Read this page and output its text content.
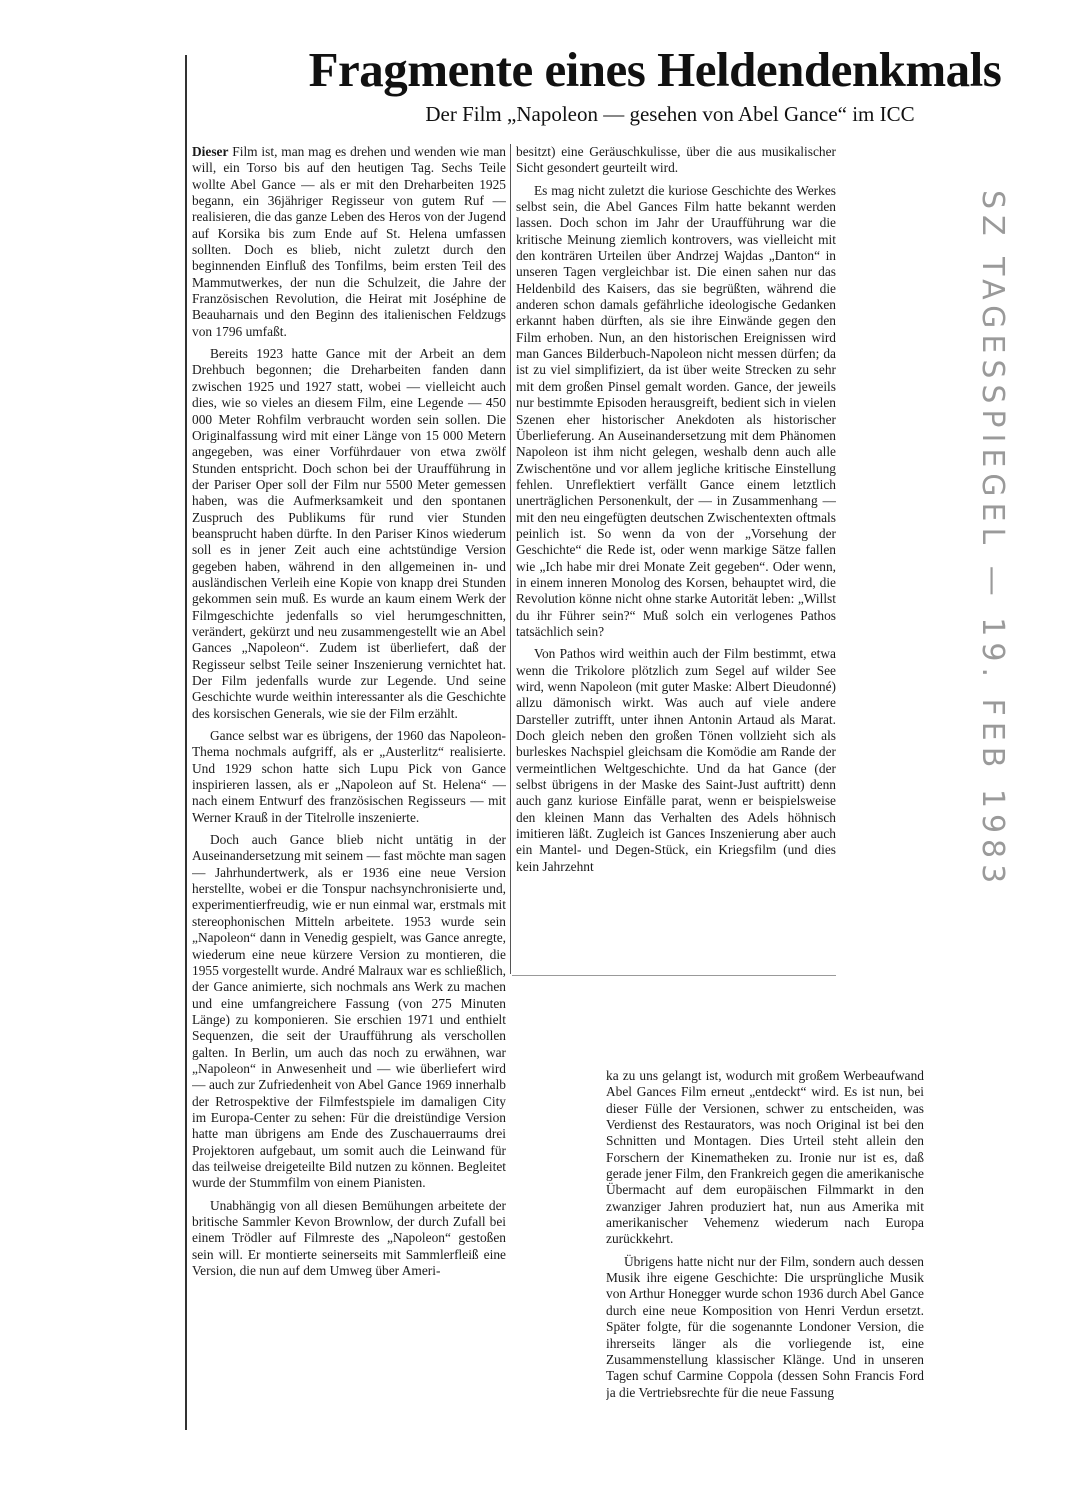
Fragmente eines Heldendenkmals
Der Film „Napoleon — gesehen von Abel Gance“ im ICC

Dieser Film ist, man mag es drehen und wenden wie man will, ein Torso bis auf den heutigen Tag. Sechs Teile wollte Abel Gance — als er mit den Dreharbeiten 1925 begann, ein 36jähriger Regisseur von gutem Ruf — realisieren, die das ganze Leben des Heros von der Jugend auf Korsika bis zum Ende auf St. Helena umfassen sollten. Doch es blieb, nicht zuletzt durch den beginnenden Einfluß des Tonfilms, beim ersten Teil des Mammutwerkes, der nun die Schulzeit, die Jahre der Französischen Revolution, die Heirat mit Joséphine de Beauharnais und den Beginn des italienischen Feldzugs von 1796 umfaßt.

Bereits 1923 hatte Gance mit der Arbeit an dem Drehbuch begonnen; die Dreharbeiten fanden dann zwischen 1925 und 1927 statt, wobei — vielleicht auch dies, wie so vieles an diesem Film, eine Legende — 450 000 Meter Rohfilm verbraucht worden sein sollen. Die Originalfassung wird mit einer Länge von 15 000 Metern angegeben, was einer Vorführdauer von etwa zwölf Stunden entspricht. Doch schon bei der Uraufführung in der Pariser Oper soll der Film nur 5500 Meter gemessen haben, was die Aufmerksamkeit und den spontanen Zuspruch des Publikums für rund vier Stunden beansprucht haben dürfte. In den Pariser Kinos wiederum soll es in jener Zeit auch eine achtstündige Version gegeben haben, während in den allgemeinen in- und ausländischen Verleih eine Kopie von knapp drei Stunden gekommen sein muß. Es wurde an kaum einem Werk der Filmgeschichte jedenfalls so viel herumgeschnitten, verändert, gekürzt und neu zusammengestellt wie an Abel Gances „Napoleon“. Zudem ist überliefert, daß der Regisseur selbst Teile seiner Inszenierung vernichtet hat. Der Film jedenfalls wurde zur Legende. Und seine Geschichte wurde weithin interessanter als die Geschichte des korsischen Generals, wie sie der Film erzählt.

Gance selbst war es übrigens, der 1960 das Napoleon-Thema nochmals aufgriff, als er „Austerlitz“ realisierte. Und 1929 schon hatte sich Lupu Pick von Gance inspirieren lassen, als er „Napoleon auf St. Helena“ — nach einem Entwurf des französischen Regisseurs — mit Werner Krauß in der Titelrolle inszenierte.

Doch auch Gance blieb nicht untätig in der Auseinandersetzung mit seinem — fast möchte man sagen — Jahrhundertwerk, als er 1936 eine neue Version herstellte, wobei er die Tonspur nachsynchronisierte und, experimentierfreudig, wie er nun einmal war, erstmals mit stereophonischen Mitteln arbeitete. 1953 wurde sein „Napoleon“ dann in Venedig gespielt, was Gance anregte, wiederum eine neue kürzere Version zu montieren, die 1955 vorgestellt wurde. André Malraux war es schließlich, der Gance animierte, sich nochmals ans Werk zu machen und eine umfangreichere Fassung (von 275 Minuten Länge) zu komponieren. Sie erschien 1971 und enthielt Sequenzen, die seit der Uraufführung als verschollen galten. In Berlin, um auch das noch zu erwähnen, war „Napoleon“ in Anwesenheit und — wie überliefert wird — auch zur Zufriedenheit von Abel Gance 1969 innerhalb der Retrospektive der Filmfestspiele im damaligen City im Europa-Center zu sehen: Für die dreistündige Version hatte man übrigens am Ende des Zuschauerraums drei Projektoren aufgebaut, um somit auch die Leinwand für das teilweise dreigeteilte Bild nutzen zu können. Begleitet wurde der Stummfilm von einem Pianisten.

Unabhängig von all diesen Bemühungen arbeitete der britische Sammler Kevon Brownlow, der durch Zufall bei einem Trödler auf Filmreste des „Napoleon“ gestoßen sein will. Er montierte seinerseits mit Sammlerfleiß eine Version, die nun auf dem Umweg über Ameri-

besitzt) eine Geräuschkulisse, über die aus musikalischer Sicht gesondert geurteilt wird.

Es mag nicht zuletzt die kuriose Geschichte des Werkes selbst sein, die Abel Gances Film hatte bekannt werden lassen. Doch schon im Jahr der Uraufführung war die kritische Meinung ziemlich kontrovers, was vielleicht mit den konträren Urteilen über Andrzej Wajdas „Danton“ in unseren Tagen vergleichbar ist. Die einen sahen nur das Heldenbild des Kaisers, das sie begrüßten, während die anderen schon damals gefährliche ideologische Gedanken erkannt haben dürften, als sie ihre Einwände gegen den Film erhoben. Nun, an den historischen Ereignissen wird man Gances Bilderbuch-Napoleon nicht messen dürfen; da ist zu viel simplifiziert, da ist über weite Strecken zu sehr mit dem großen Pinsel gemalt worden. Gance, der jeweils nur bestimmte Episoden herausgreift, bedient sich in vielen Szenen eher historischer Anekdoten als historischer Überlieferung. An Auseinandersetzung mit dem Phänomen Napoleon ist ihm nicht gelegen, weshalb denn auch alle Zwischentöne und vor allem jegliche kritische Einstellung fehlen. Unreflektiert verfällt Gance einem letztlich unerträglichen Personenkult, der — in Zusammenhang — mit den neu eingefügten deutschen Zwischentexten oftmals peinlich ist. So wenn da von der „Vorsehung der Geschichte“ die Rede ist, oder wenn markige Sätze fallen wie „Ich habe mir drei Monate Zeit gegeben“. Oder wenn, in einem inneren Monolog des Korsen, behauptet wird, die Revolution könne nicht ohne starke Autorität leben: „Willst du ihr Führer sein?“ Muß solch ein verlogenes Pathos tatsächlich sein?

Von Pathos wird weithin auch der Film bestimmt, etwa wenn die Trikolore plötzlich zum Segel auf wilder See wird, wenn Napoleon (mit guter Maske: Albert Dieudonné) allzu dämonisch wirkt. Was auch auf viele andere Darsteller zutrifft, unter ihnen Antonin Artaud als Marat. Doch gleich neben den großen Tönen vollzieht sich als burleskes Nachspiel gleichsam die Komödie am Rande der vermeintlichen Weltgeschichte. Und da hat Gance (der selbst übrigens in der Maske des Saint-Just auftritt) denn auch ganz kuriose Einfälle parat, wenn er beispielsweise den kleinen Mann das Verhalten des Adels höhnisch imitieren läßt. Zugleich ist Gances Inszenierung aber auch ein Mantel- und Degen-Stück, ein Kriegsfilm (und dies kein Jahrzehnt

ka zu uns gelangt ist, wodurch mit großem Werbeaufwand Abel Gances Film erneut „entdeckt“ wird. Es ist nun, bei dieser Fülle der Versionen, schwer zu entscheiden, was Verdienst des Restaurators, was noch Original ist bei den Schnitten und Montagen. Dies Urteil steht allein den Forschern der Kinematheken zu. Ironie nur ist es, daß gerade jener Film, den Frankreich gegen die amerikanische Übermacht auf dem europäischen Filmmarkt in den zwanziger Jahren produziert hat, nun aus Amerika mit amerikanischer Vehemenz wiederum nach Europa zurückkehrt.

Übrigens hatte nicht nur der Film, sondern auch dessen Musik ihre eigene Geschichte: Die ursprüngliche Musik von Arthur Honegger wurde schon 1936 durch Abel Gance durch eine neue Komposition von Henri Verdun ersetzt. Später folgte, für die sogenannte Londoner Version, die ihrerseits länger als die vorliegende ist, eine Zusammenstellung klassischer Klänge. Und in unseren Tagen schuf Carmine Coppola (dessen Sohn Francis Ford ja die Vertriebsrechte für die neue Fassung

SZ TAGESSPIEGEL — 19. FEB 1983
